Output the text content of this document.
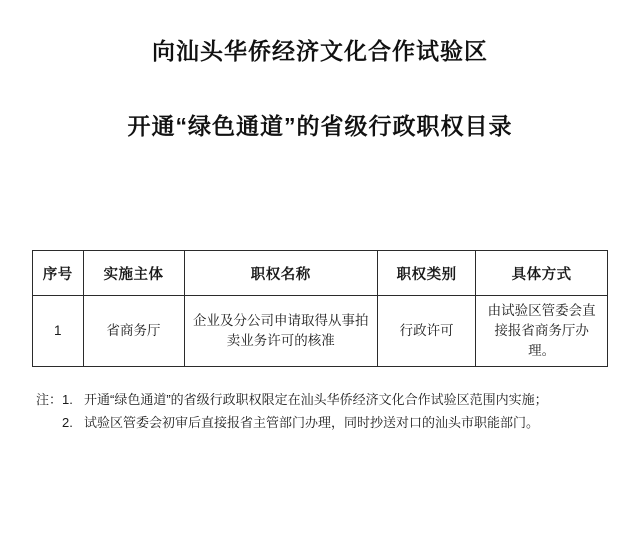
向汕头华侨经济文化合作试验区
开通“绿色通道”的省级行政职权目录
序号	实施主体	职权名称	职权类别	具体方式
1	省商务厅	企业及分公司申请取得从事拍卖业务许可的核准	行政许可	由试验区管委会直接报省商务厅办理。
注： 1. 开通“绿色通道”的省级行政职权限定在汕头华侨经济文化合作试验区范围内实施；
2. 试验区管委会初审后直接报省主管部门办理，同时抄送对口的汕头市职能部门。
